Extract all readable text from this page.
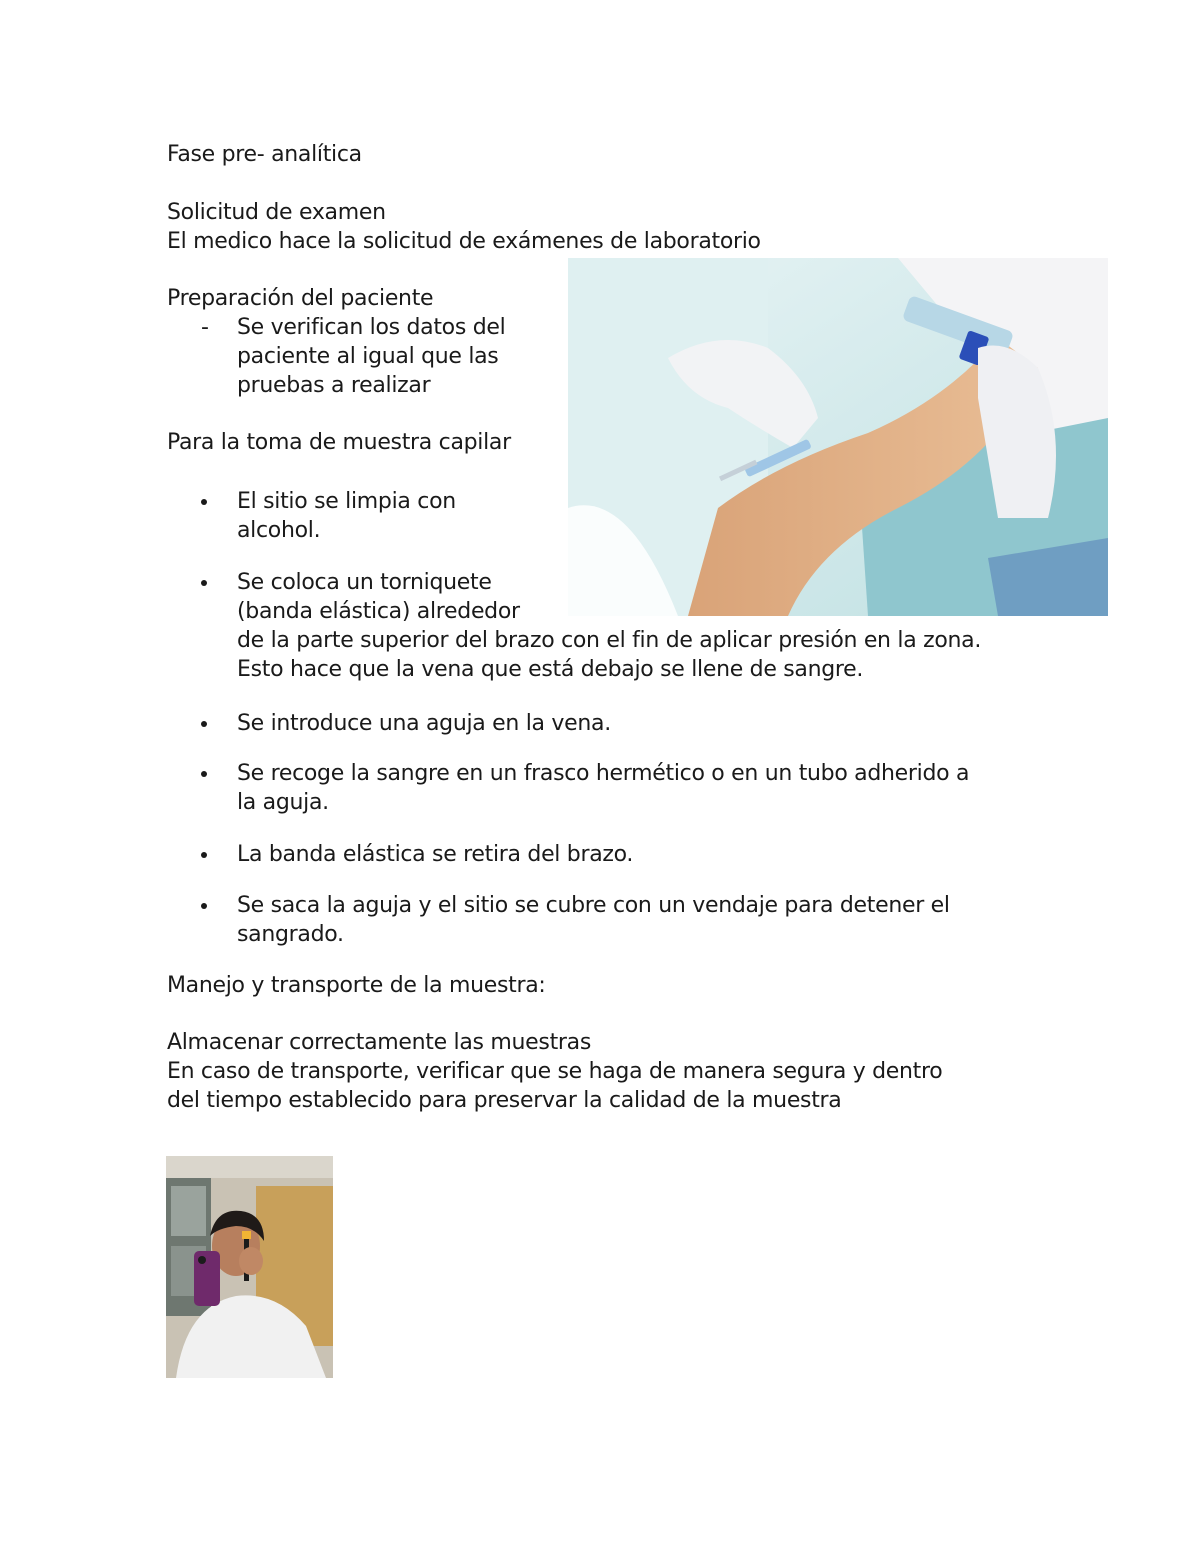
Fase pre- analítica

Solicitud de examen

El medico hace la solicitud de exámenes de laboratorio

Preparación del paciente

- Se verifican los datos del
paciente al igual que las
pruebas a realizar

Para la toma de muestra capilar

El sitio se limpia con
alcohol.
Se coloca un torniquete
(banda elástica) alrededor
de la parte superior del brazo con el fin de aplicar presión en la zona.
Esto hace que la vena que está debajo se llene de sangre.
Se introduce una aguja en la vena.
Se recoge la sangre en un frasco hermético o en un tubo adherido a
la aguja.
La banda elástica se retira del brazo.
Se saca la aguja y el sitio se cubre con un vendaje para detener el
sangrado.

Manejo y transporte de la muestra:

Almacenar correctamente las muestras

En caso de transporte, verificar que se haga de manera segura y dentro

del tiempo establecido para preservar la calidad de la muestra
